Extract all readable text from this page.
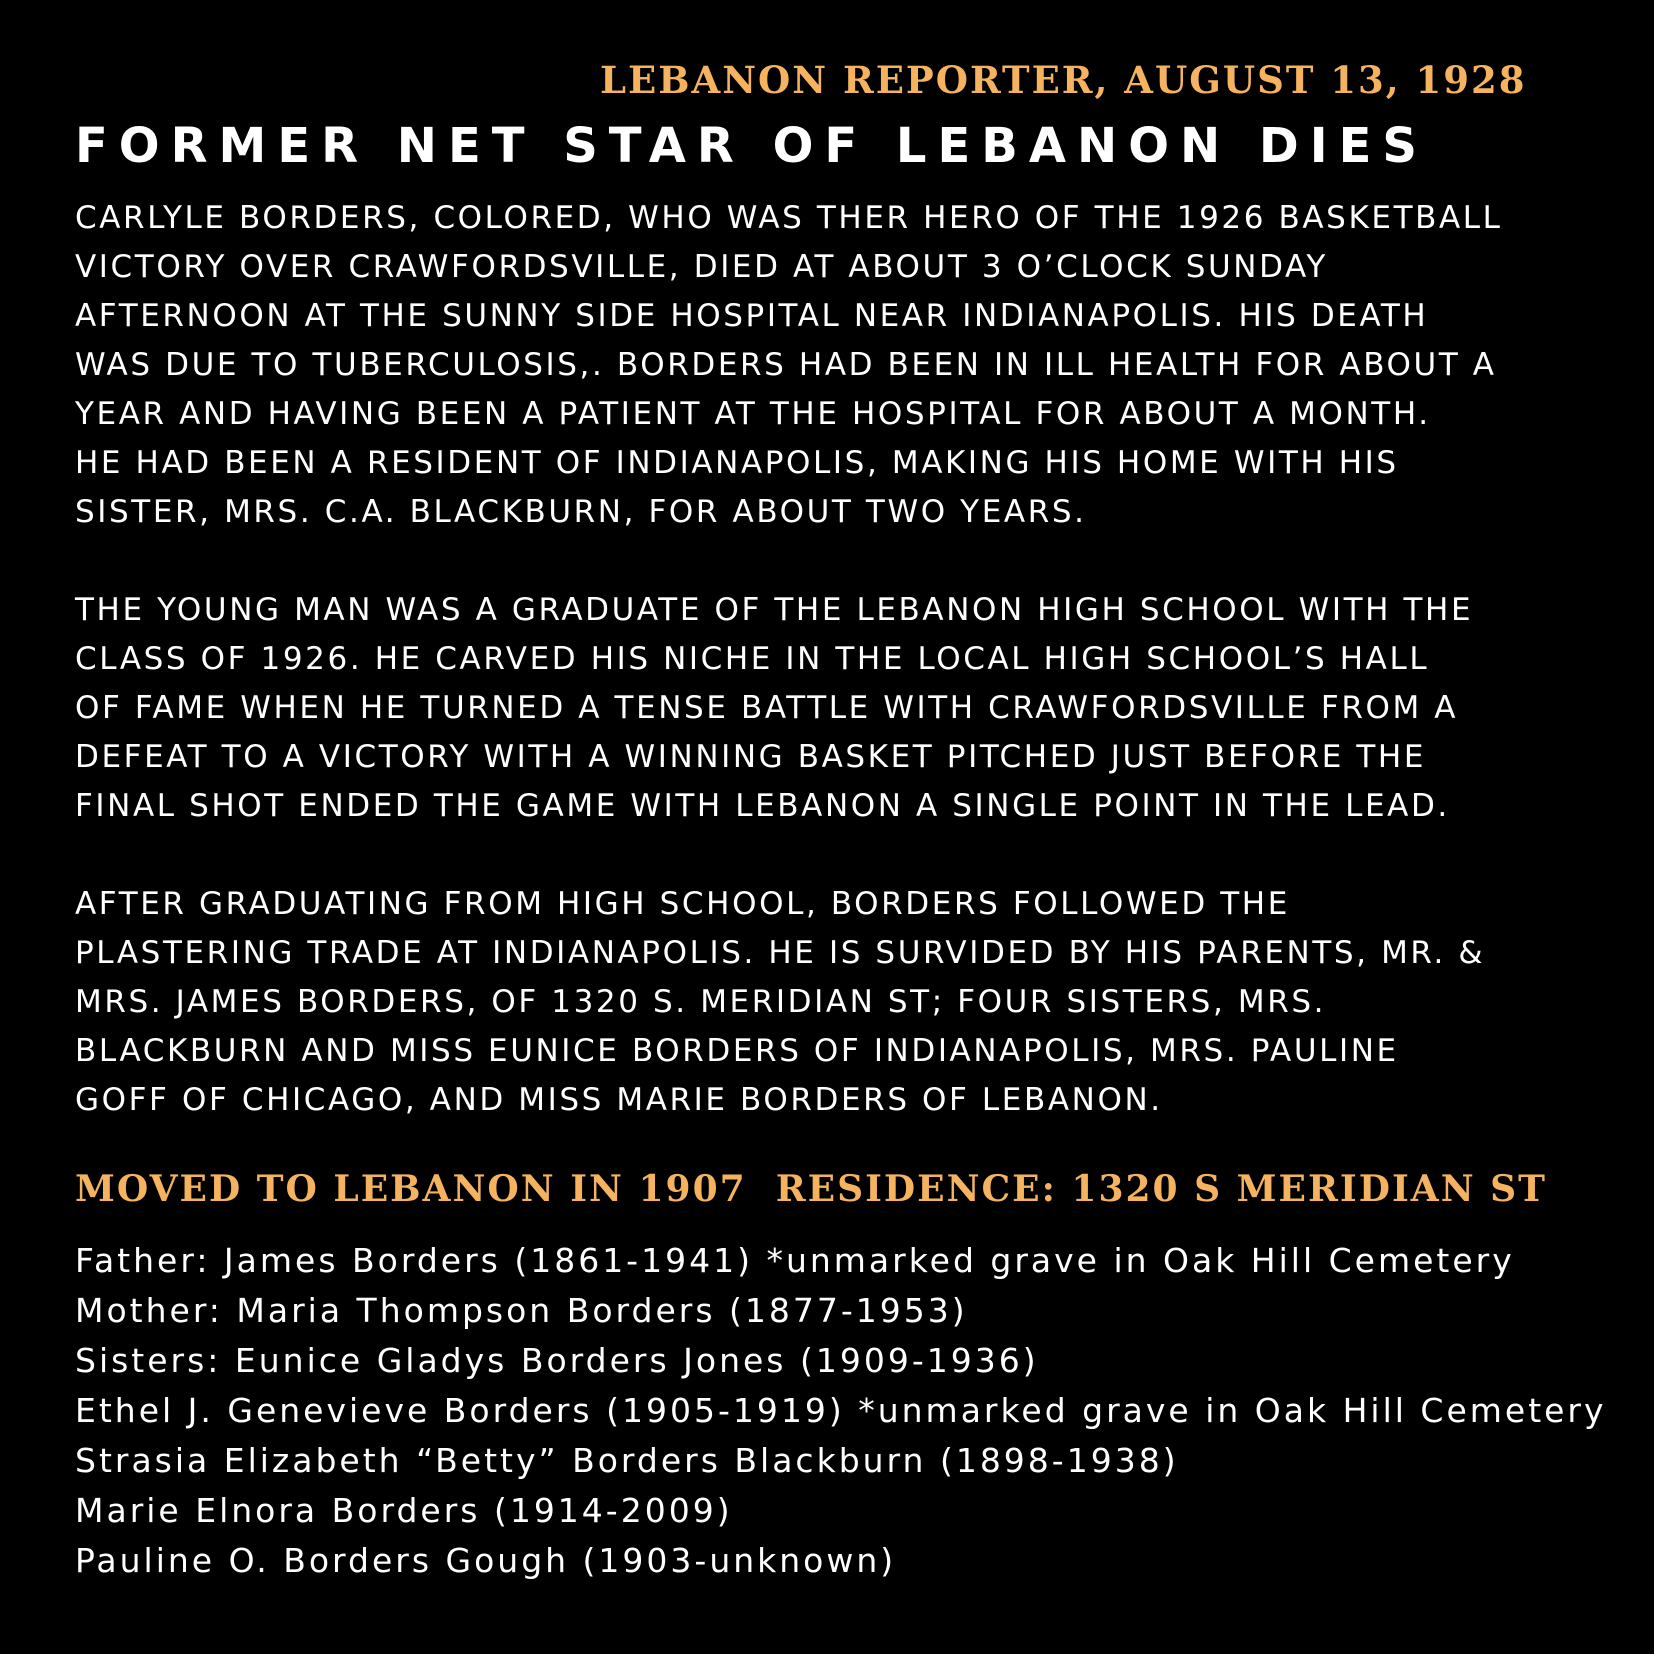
LEBANON REPORTER, AUGUST 13, 1928
FORMER NET STAR OF LEBANON DIES

CARLYLE BORDERS, COLORED, WHO WAS THER HERO OF THE 1926 BASKETBALL
VICTORY OVER CRAWFORDSVILLE, DIED AT ABOUT 3 O’CLOCK SUNDAY
AFTERNOON AT THE SUNNY SIDE HOSPITAL NEAR INDIANAPOLIS. HIS DEATH
WAS DUE TO TUBERCULOSIS,. BORDERS HAD BEEN IN ILL HEALTH FOR ABOUT A
YEAR AND HAVING BEEN A PATIENT AT THE HOSPITAL FOR ABOUT A MONTH.
HE HAD BEEN A RESIDENT OF INDIANAPOLIS, MAKING HIS HOME WITH HIS
SISTER, MRS. C.A. BLACKBURN, FOR ABOUT TWO YEARS.

THE YOUNG MAN WAS A GRADUATE OF THE LEBANON HIGH SCHOOL WITH THE
CLASS OF 1926. HE CARVED HIS NICHE IN THE LOCAL HIGH SCHOOL’S HALL
OF FAME WHEN HE TURNED A TENSE BATTLE WITH CRAWFORDSVILLE FROM A
DEFEAT TO A VICTORY WITH A WINNING BASKET PITCHED JUST BEFORE THE
FINAL SHOT ENDED THE GAME WITH LEBANON A SINGLE POINT IN THE LEAD.

AFTER GRADUATING FROM HIGH SCHOOL, BORDERS FOLLOWED THE
PLASTERING TRADE AT INDIANAPOLIS. HE IS SURVIDED BY HIS PARENTS, MR. &
MRS. JAMES BORDERS, OF 1320 S. MERIDIAN ST; FOUR SISTERS, MRS.
BLACKBURN AND MISS EUNICE BORDERS OF INDIANAPOLIS, MRS. PAULINE
GOFF OF CHICAGO, AND MISS MARIE BORDERS OF LEBANON.

MOVED TO LEBANON IN 1907  RESIDENCE: 1320 S MERIDIAN ST
Father: James Borders (1861-1941) *unmarked grave in Oak Hill Cemetery
Mother: Maria Thompson Borders (1877-1953)
Sisters: Eunice Gladys Borders Jones (1909-1936)
Ethel J. Genevieve Borders (1905-1919) *unmarked grave in Oak Hill Cemetery
Strasia Elizabeth “Betty” Borders Blackburn (1898-1938)
Marie Elnora Borders (1914-2009)
Pauline O. Borders Gough (1903-unknown)
